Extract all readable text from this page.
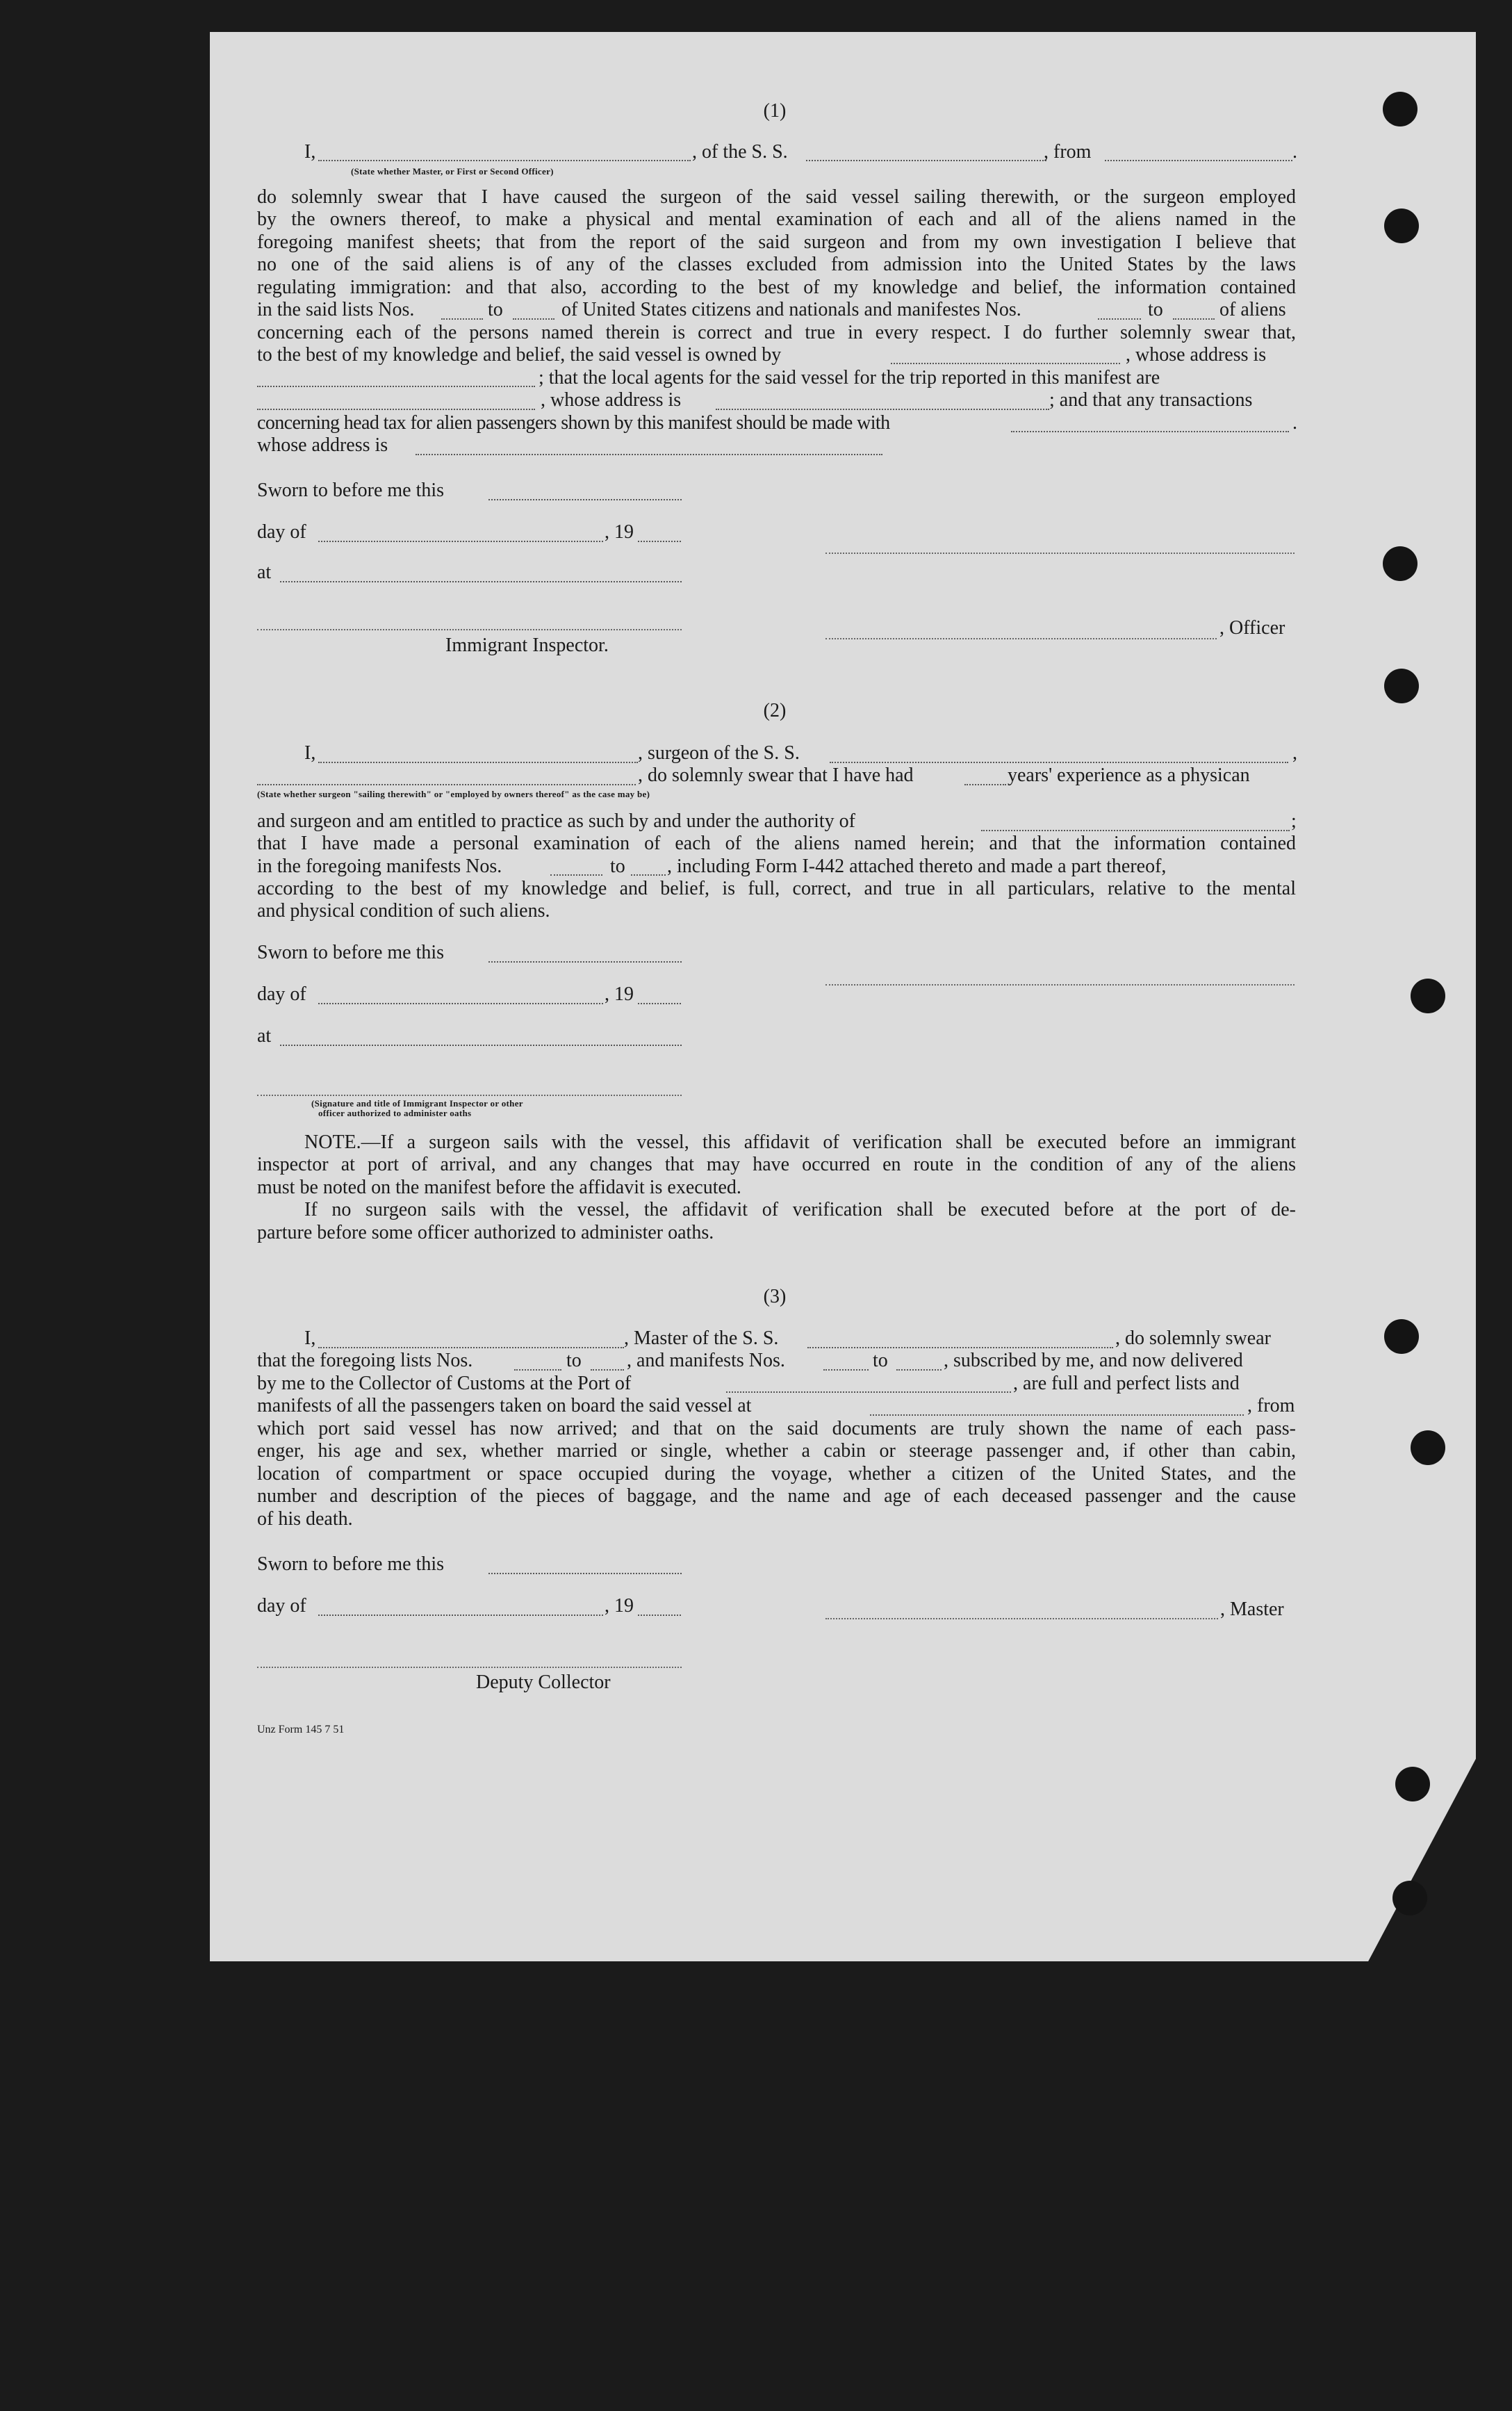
(1)
I,	, of the S. S.	, from	.
(State whether Master, or First or Second Officer)
do solemnly swear that I have caused the surgeon of the said vessel sailing therewith, or the surgeon employed
by the owners thereof, to make a physical and mental examination of each and all of the aliens named in the
foregoing manifest sheets; that from the report of the said surgeon and from my own investigation I believe that
no one of the said aliens is of any of the classes excluded from admission into the United States by the laws
regulating immigration: and that also, according to the best of my knowledge and belief, the information contained
in the said lists Nos.	to	of United States citizens and nationals and manifestes Nos.	to	of aliens
concerning each of the persons named therein is correct and true in every respect. I do further solemnly swear that,
to the best of my knowledge and belief, the said vessel is owned by	, whose address is
; that the local agents for the said vessel for the trip reported in this manifest are
, whose address is	; and that any transactions
concerning head tax for alien passengers shown by this manifest should be made with	.
whose address is
Sworn to before me this
day of	, 19
at
, Officer
Immigrant Inspector.
(2)
I,	, surgeon of the S. S.	,
, do solemnly swear that I have had	years' experience as a physican
(State whether surgeon "sailing therewith" or "employed by owners thereof" as the case may be)
and surgeon and am entitled to practice as such by and under the authority of	;
that I have made a personal examination of each of the aliens named herein; and that the information contained
in the foregoing manifests Nos.	to , including Form I-442 attached thereto and made a part thereof,
according to the best of my knowledge and belief, is full, correct, and true in all particulars, relative to the mental
and physical condition of such aliens.
Sworn to before me this
day of	, 19
at
(Signature and title of Immigrant Inspector or other
officer authorized to administer oaths
NOTE.—If a surgeon sails with the vessel, this affidavit of verification shall be executed before an immigrant
inspector at port of arrival, and any changes that may have occurred en route in the condition of any of the aliens
must be noted on the manifest before the affidavit is executed.
If no surgeon sails with the vessel, the affidavit of verification shall be executed before at the port of de-
parture before some officer authorized to administer oaths.
(3)
I,	, Master of the S. S.	, do solemnly swear
that the foregoing lists Nos.	to , and manifests Nos.	to	, subscribed by me, and now delivered
by me to the Collector of Customs at the Port of	, are full and perfect lists and
manifests of all the passengers taken on board the said vessel at	, from
which port said vessel has now arrived; and that on the said documents are truly shown the name of each pass-
enger, his age and sex, whether married or single, whether a cabin or steerage passenger and, if other than cabin,
location of compartment or space occupied during the voyage, whether a citizen of the United States, and the
number and description of the pieces of baggage, and the name and age of each deceased passenger and the cause
of his death.
Sworn to before me this
day of	, 19	, Master
Deputy Collector
Unz Form 145 7 51
